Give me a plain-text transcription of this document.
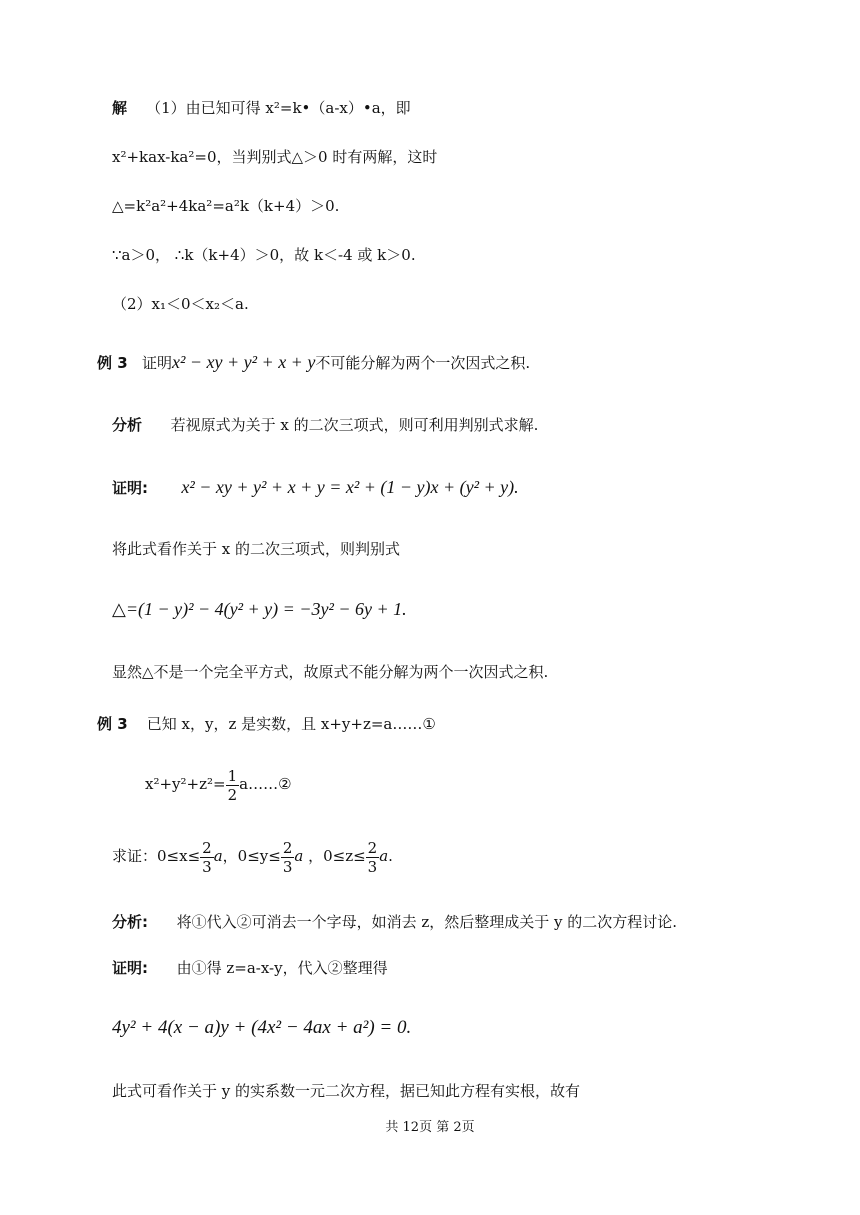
解 （1）由已知可得 x²=k•（a-x）•a，即
x²+kax-ka²=0，当判别式△＞0 时有两解，这时
△=k²a²+4ka²=a²k（k+4）＞0.
∵a＞0， ∴k（k+4）＞0，故 k＜-4 或 k＞0.
（2）x₁＜0＜x₂＜a.
例 3 证明x² − xy + y² + x + y不可能分解为两个一次因式之积.
分析 若视原式为关于 x 的二次三项式，则可利用判别式求解.
证明: x² − xy + y² + x + y = x² + (1 − y)x + (y² + y).
将此式看作关于 x 的二次三项式，则判别式
△=(1 − y)² − 4(y² + y) = −3y² − 6y + 1.
显然△不是一个完全平方式，故原式不能分解为两个一次因式之积.
例 3 已知 x，y，z 是实数，且 x+y+z=a……①
$x^2+y^2+z^2= \frac{1}{2}$ a……②
求证：$0\le x\le \frac{2}{3}$ a，$0\le y\le \frac{2}{3}$ a ，$0\le z\le \frac{2}{3} a$.
分析: 将①代入②可消去一个字母，如消去 z，然后整理成关于 y 的二次方程讨论.
证明: 由①得 z=a-x-y，代入②整理得
4y² + 4(x − a)y + (4x² − 4ax + a²) = 0.
此式可看作关于 y 的实系数一元二次方程，据已知此方程有实根，故有
共 12页 第 2页
